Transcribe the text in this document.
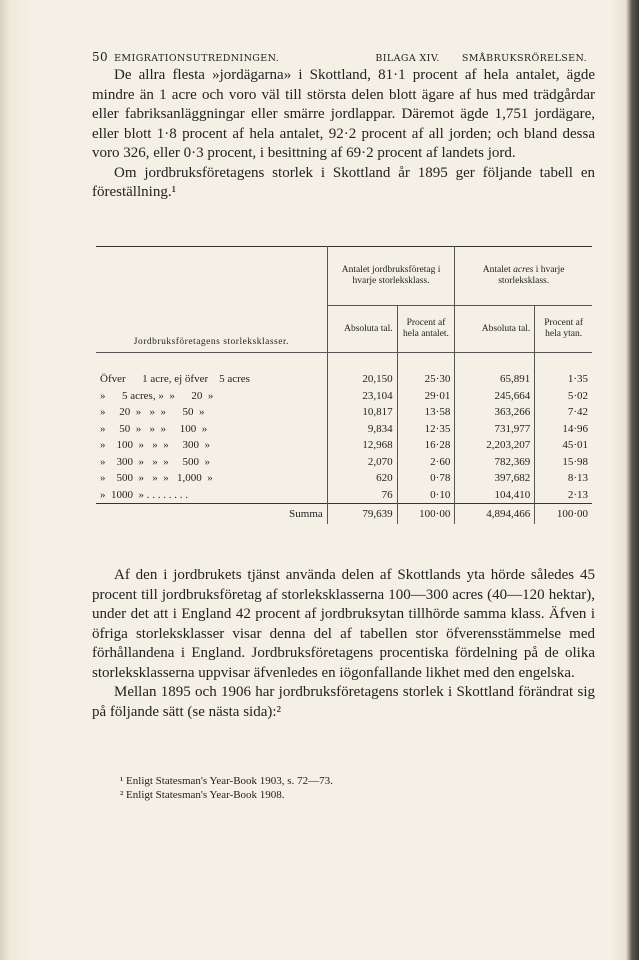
50 EMIGRATIONSUTREDNINGEN.	BILAGA XIV. SMÅBRUKSRÖRELSEN.

De allra flesta »jordägarna» i Skottland, 81·1 procent af hela antalet, ägde mindre än 1 acre och voro väl till största delen blott ägare af hus med trädgårdar eller fabriksanläggningar eller smärre jordlappar. Däremot ägde 1,751 jordägare, eller blott 1·8 procent af hela antalet, 92·2 procent af all jorden; och bland dessa voro 326, eller 0·3 procent, i besittning af 69·2 procent af landets jord.

Om jordbruksföretagens storlek i Skottland år 1895 ger följande tabell en föreställning.¹

Jordbruksföretagens storleksklasser.	Antalet jordbruksföretag i hvarje storleksklass.		Antalet acres i hvarje storleksklass.	
	Absoluta tal.	Procent af hela antalet.	Absoluta tal.	Procent af hela ytan.

Öfver      1 acre, ej öfver    5 acres	20,150	25·30	65,891	1·35
»      5 acres, »  »      20  »	23,104	29·01	245,664	5·02
»     20  »   »  »      50  »	10,817	13·58	363,266	7·42
»     50  »   »  »     100  »	9,834	12·35	731,977	14·96
»    100  »   »  »     300  »	12,968	16·28	2,203,207	45·01
»    300  »   »  »     500  »	2,070	2·60	782,369	15·98
»    500  »   »  »   1,000  »	620	0·78	397,682	8·13
»  1000  » . . . . . . . .	76	0·10	104,410	2·13
Summa	79,639	100·00	4,894,466	100·00

Af den i jordbrukets tjänst använda delen af Skottlands yta hörde således 45 procent till jordbruksföretag af storleksklasserna 100—300 acres (40—120 hektar), under det att i England 42 procent af jordbruksytan tillhörde samma klass. Äfven i öfriga storleksklasser visar denna del af tabellen stor öfverensstämmelse med förhållandena i England. Jordbruksföretagens procentiska fördelning på de olika storleksklasserna uppvisar äfvenledes en iögonfallande likhet med den engelska.

Mellan 1895 och 1906 har jordbruksföretagens storlek i Skottland förändrat sig på följande sätt (se nästa sida):²

¹ Enligt Statesman's Year-Book 1903, s. 72—73.
² Enligt Statesman's Year-Book 1908.
